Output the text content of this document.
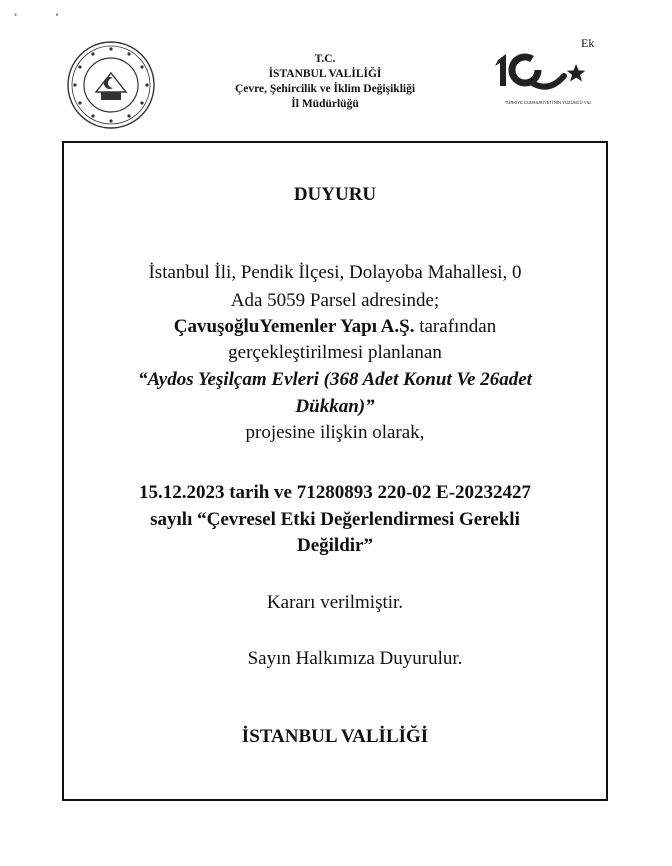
• •
T.C.
İSTANBUL VALİLİĞİ
Çevre, Şehircilik ve İklim Değişikliği
İl Müdürlüğü
Ek
TÜRKİYE CUMHURİYETİ'NİN YÜZÜNCÜ YILI
DUYURU
İstanbul İli, Pendik İlçesi, Dolayoba Mahallesi, 0
Ada 5059 Parsel adresinde;
ÇavuşoğluYemenler Yapı A.Ş. tarafından
gerçekleştirilmesi planlanan
“Aydos Yeşilçam Evleri (368 Adet Konut Ve 26adet
Dükkan)”
projesine ilişkin olarak,
15.12.2023 tarih ve 71280893 220-02 E-20232427
sayılı “Çevresel Etki Değerlendirmesi Gerekli
Değildir”
Kararı verilmiştir.
Sayın Halkımıza Duyurulur.
İSTANBUL VALİLİĞİ
